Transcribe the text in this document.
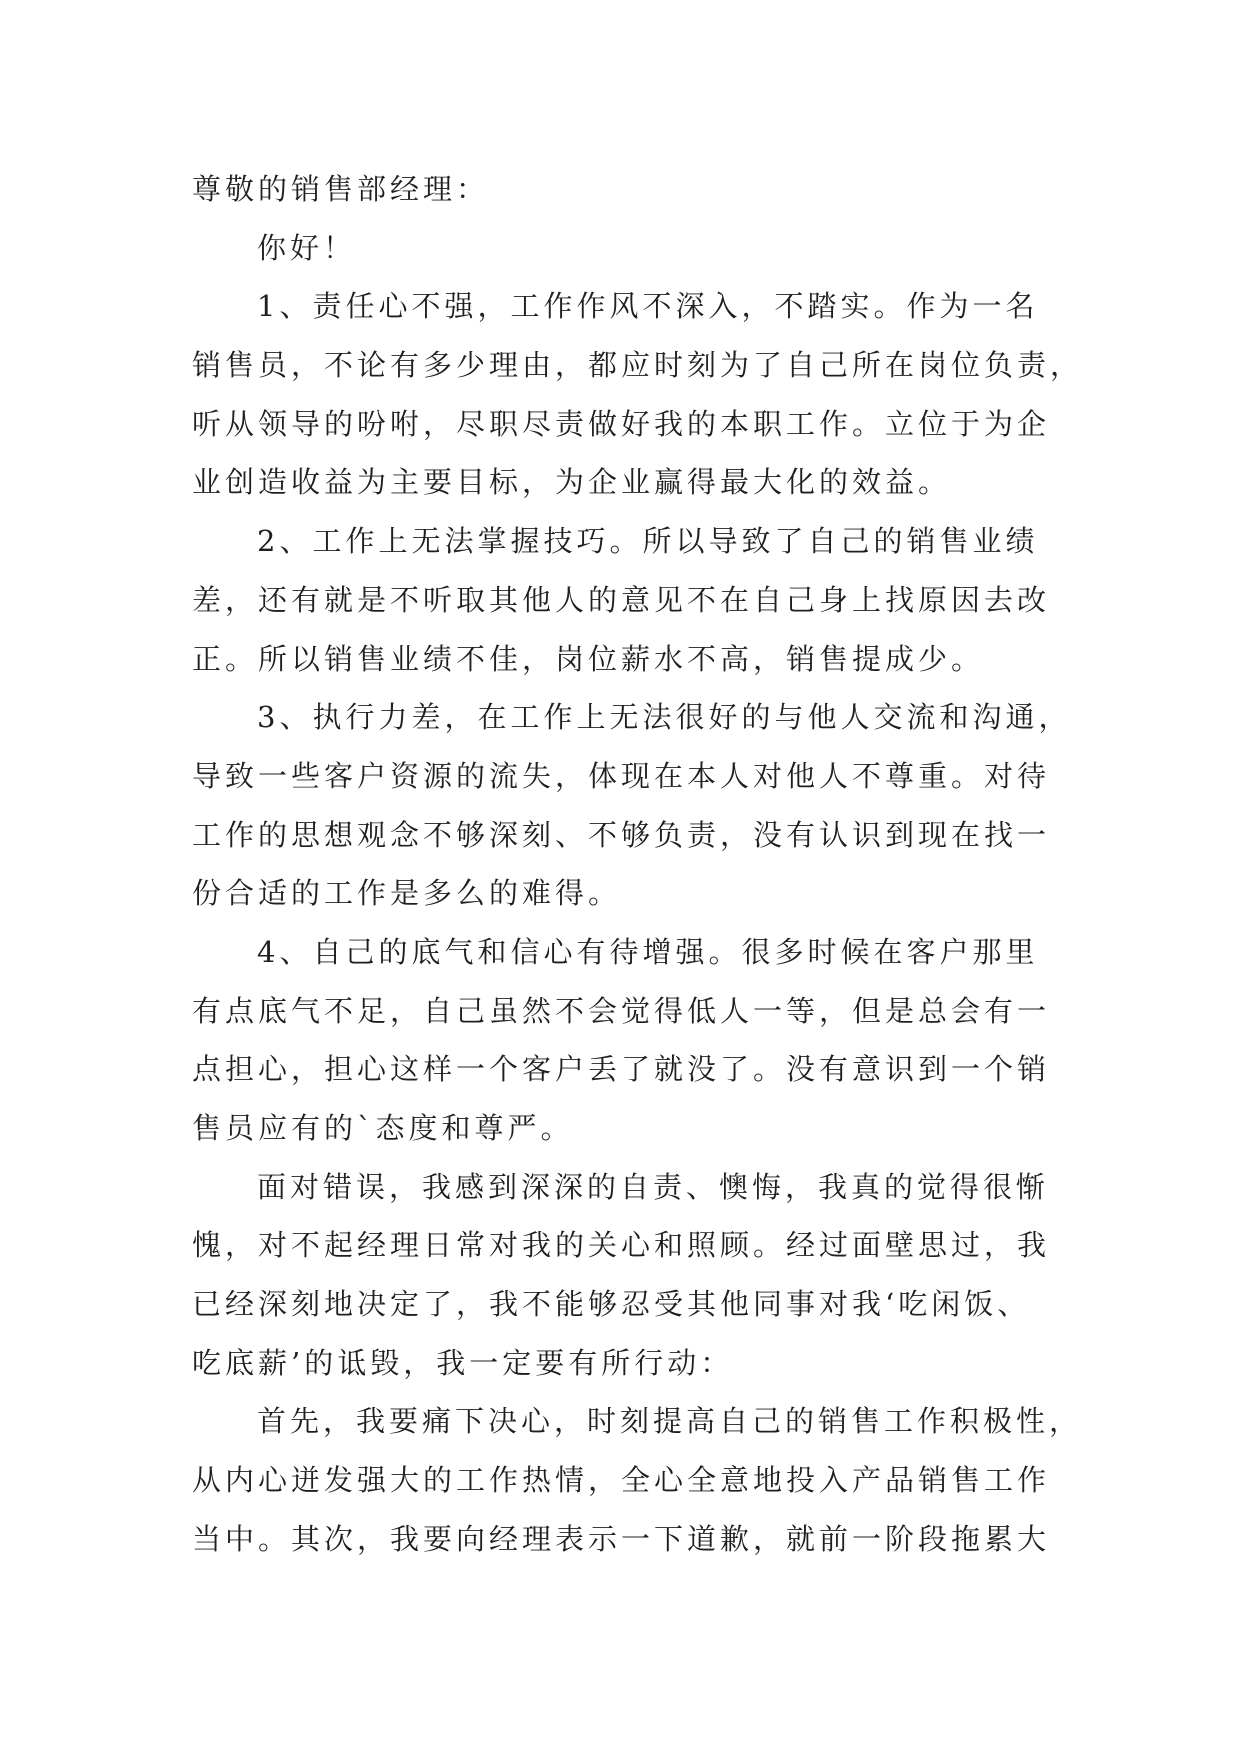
尊敬的销售部经理：
你好！
1、责任心不强，工作作风不深入，不踏实。作为一名
销售员，不论有多少理由，都应时刻为了自己所在岗位负责，
听从领导的吩咐，尽职尽责做好我的本职工作。立位于为企
业创造收益为主要目标，为企业赢得最大化的效益。
2、工作上无法掌握技巧。所以导致了自己的销售业绩
差，还有就是不听取其他人的意见不在自己身上找原因去改
正。所以销售业绩不佳，岗位薪水不高，销售提成少。
3、执行力差，在工作上无法很好的与他人交流和沟通，
导致一些客户资源的流失，体现在本人对他人不尊重。对待
工作的思想观念不够深刻、不够负责，没有认识到现在找一
份合适的工作是多么的难得。
4、自己的底气和信心有待增强。很多时候在客户那里
有点底气不足，自己虽然不会觉得低人一等，但是总会有一
点担心，担心这样一个客户丢了就没了。没有意识到一个销
售员应有的`态度和尊严。
面对错误，我感到深深的自责、懊悔，我真的觉得很惭
愧，对不起经理日常对我的关心和照顾。经过面壁思过，我
已经深刻地决定了，我不能够忍受其他同事对我‘吃闲饭、
吃底薪’的诋毁，我一定要有所行动：
首先，我要痛下决心，时刻提高自己的销售工作积极性，
从内心迸发强大的工作热情，全心全意地投入产品销售工作
当中。其次，我要向经理表示一下道歉，就前一阶段拖累大
